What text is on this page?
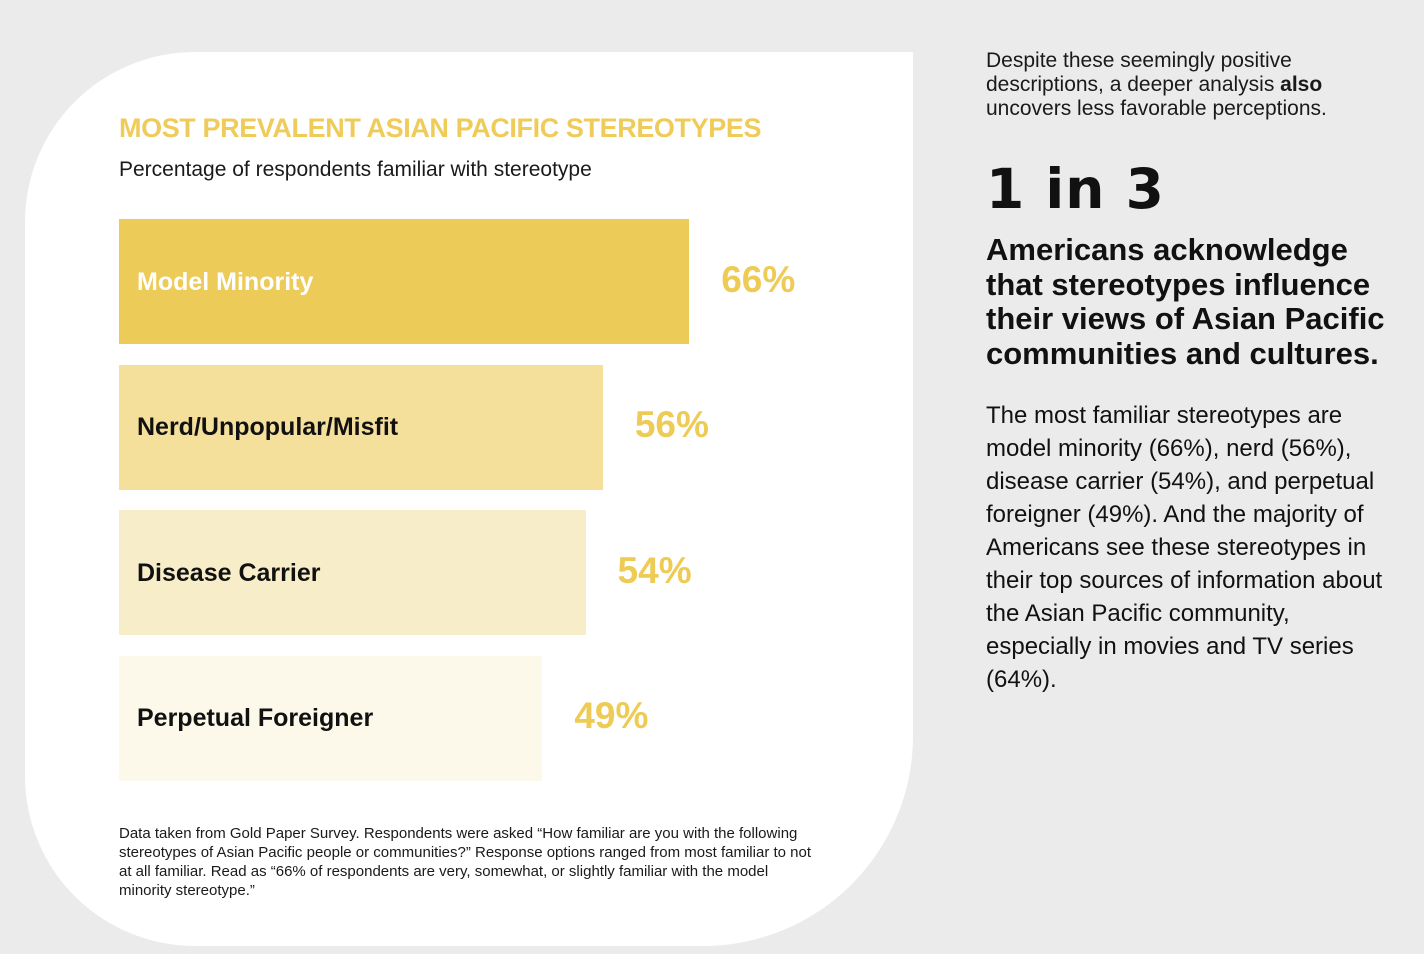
MOST PREVALENT ASIAN PACIFIC STEREOTYPES

Percentage of respondents familiar with stereotype

Model Minority	66%
Nerd/Unpopular/Misfit	56%
Disease Carrier	54%
Perpetual Foreigner	49%

Data taken from Gold Paper Survey. Respondents were asked “How familiar are you with the following stereotypes of Asian Pacific people or communities?” Response options ranged from most familiar to not at all familiar. Read as “66% of respondents are very, somewhat, or slightly familiar with the model minority stereotype.”

Despite these seemingly positive descriptions, a deeper analysis also uncovers less favorable perceptions.

1 in 3
Americans acknowledge that stereotypes influence their views of Asian Pacific communities and cultures.

The most familiar stereotypes are model minority (66%), nerd (56%), disease carrier (54%), and perpetual foreigner (49%). And the majority of Americans see these stereotypes in their top sources of information about the Asian Pacific community, especially in movies and TV series (64%).
